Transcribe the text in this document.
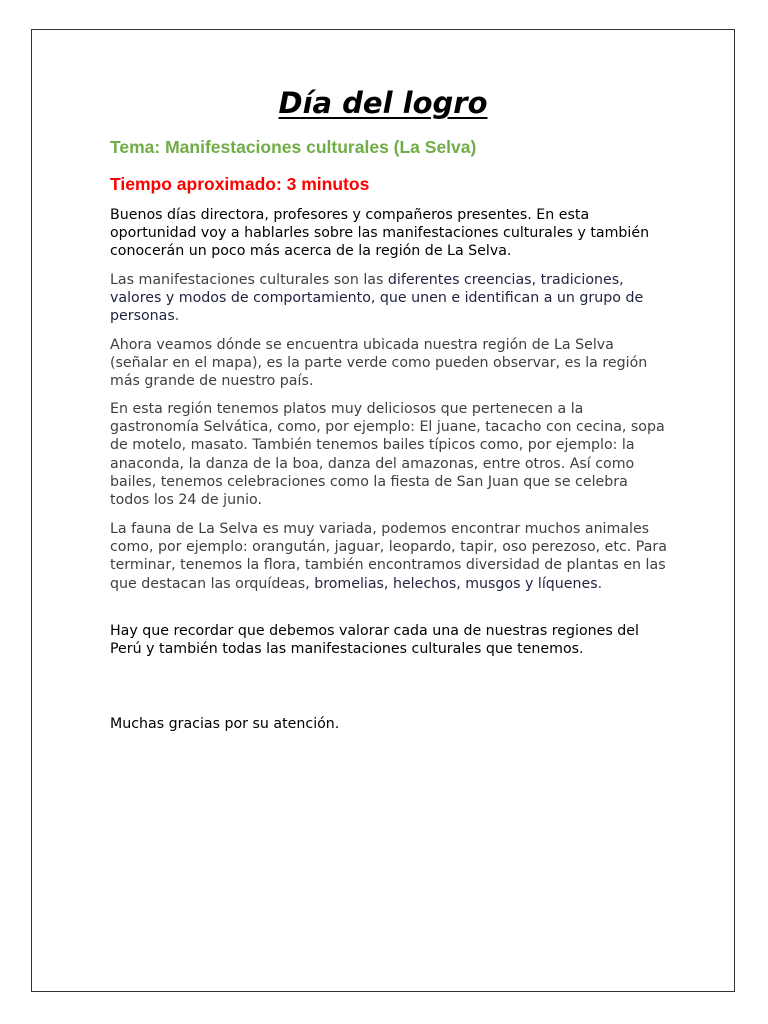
Día del logro

Tema: Manifestaciones culturales (La Selva)

Tiempo aproximado: 3 minutos

Buenos días directora, profesores y compañeros presentes. En esta oportunidad voy a hablarles sobre las manifestaciones culturales y también conocerán un poco más acerca de la región de La Selva.

Las manifestaciones culturales son las diferentes creencias, tradiciones, valores y modos de comportamiento, que unen e identifican a un grupo de personas.

Ahora veamos dónde se encuentra ubicada nuestra región de La Selva (señalar en el mapa), es la parte verde como pueden observar, es la región más grande de nuestro país.

En esta región tenemos platos muy deliciosos que pertenecen a la gastronomía Selvática, como, por ejemplo: El juane, tacacho con cecina, sopa de motelo, masato. También tenemos bailes típicos como, por ejemplo: la anaconda, la danza de la boa, danza del amazonas, entre otros. Así como bailes, tenemos celebraciones como la fiesta de San Juan que se celebra todos los 24 de junio.

La fauna de La Selva es muy variada, podemos encontrar muchos animales como, por ejemplo: orangután, jaguar, leopardo, tapir, oso perezoso, etc. Para terminar, tenemos la flora, también encontramos diversidad de plantas en las que destacan las orquídeas, bromelias, helechos, musgos y líquenes.

Hay que recordar que debemos valorar cada una de nuestras regiones del Perú y también todas las manifestaciones culturales que tenemos.

Muchas gracias por su atención.
